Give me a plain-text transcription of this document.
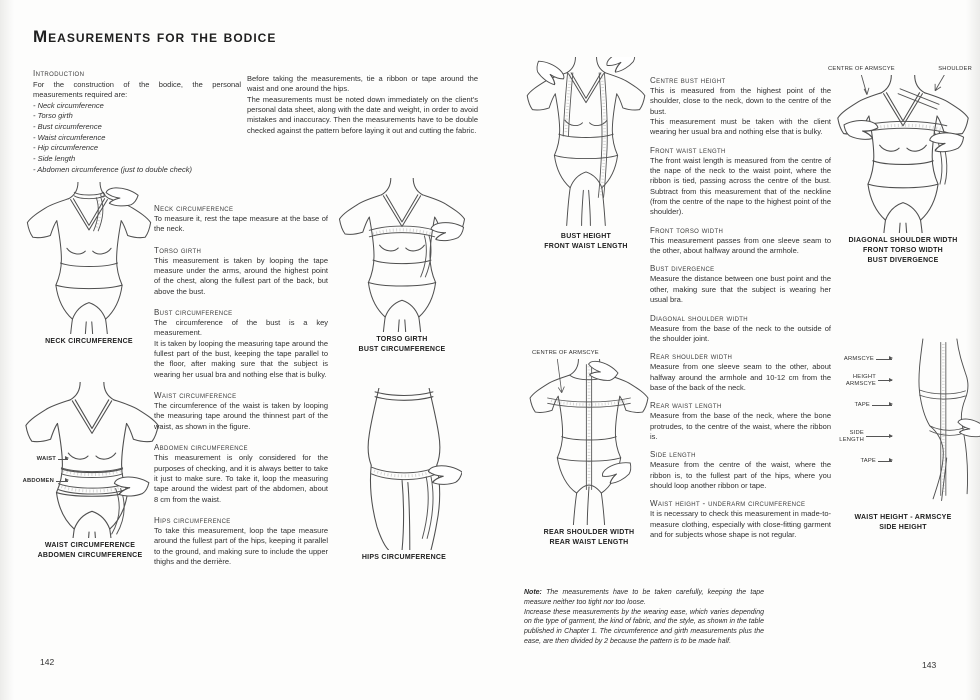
Measurements for the bodice
Introduction
For the construction of the bodice, the personal measurements required are:
- Neck circumference
- Torso girth
- Bust circumference
- Waist circumference
- Hip circumference
- Side length
- Abdomen circumference (just to double check)
Before taking the measurements, tie a ribbon or tape around the waist and one around the hips.
The measurements must be noted down immediately on the client's personal data sheet, along with the date and weight, in order to avoid mistakes and inaccuracy. Then the measurements have to be double checked against the pattern before laying it out and cutting the fabric.
NECK CIRCUMFERENCE
Neck circumference
To measure it, rest the tape measure at the base of the neck.
Torso girth
This measurement is taken by looping the tape measure under the arms, around the highest point of the chest, along the fullest part of the back, but above the bust.
Bust circumference
The circumference of the bust is a key measurement.
It is taken by looping the measuring tape around the fullest part of the bust, keeping the tape parallel to the floor, after making sure that the subject is wearing her usual bra and nothing else that is bulky.
Waist circumference
The circumference of the waist is taken by looping the measuring tape around the thinnest part of the waist, as shown in the figure.
Abdomen circumference
This measurement is only considered for the purposes of checking, and it is always better to take it just to make sure. To take it, loop the measuring tape around the widest part of the abdomen, about 8 cm from the waist.
Hips circumference
To take this measurement, loop the tape measure around the fullest part of the hips, keeping it parallel to the ground, and making sure to include the upper thighs and the derrière.
TORSO GIRTH
BUST CIRCUMFERENCE
WAIST
ABDOMEN
WAIST CIRCUMFERENCE
ABDOMEN CIRCUMFERENCE	HIPS CIRCUMFERENCE
142
BUST HEIGHT
FRONT WAIST LENGTH
Centre bust height
This is measured from the highest point of the shoulder, close to the neck, down to the centre of the bust.
This measurement must be taken with the client wearing her usual bra and nothing else that is bulky.
Front waist length
The front waist length is measured from the centre of the nape of the neck to the waist point, where the ribbon is tied, passing across the centre of the bust. Subtract from this measurement that of the neckline (from the centre of the nape to the highest point of the shoulder).
Front torso width
This measurement passes from one sleeve seam to the other, about halfway around the armhole.
Bust divergence
Measure the distance between one bust point and the other, making sure that the subject is wearing her usual bra.
Diagonal shoulder width
Measure from the base of the neck to the outside of the shoulder joint.
Rear shoulder width
Measure from one sleeve seam to the other, about halfway around the armhole and 10-12 cm from the base of the back of the neck.
Rear waist length
Measure from the base of the neck, where the bone protrudes, to the centre of the waist, where the ribbon is.
Side length
Measure from the centre of the waist, where the ribbon is, to the fullest part of the hips, where you should loop another ribbon or tape.
Waist height - underarm circumference
It is necessary to check this measurement in made-to-measure clothing, especially with close-fitting garment and for subjects whose shape is not regular.
CENTRE OF ARMSCYE	SHOULDER
DIAGONAL SHOULDER WIDTH
FRONT TORSO WIDTH
BUST DIVERGENCE
CENTRE OF ARMSCYE
REAR SHOULDER WIDTH
REAR WAIST LENGTH
ARMSCYE
HEIGHT
ARMSCYE
TAPE
SIDE
LENGTH
TAPE
WAIST HEIGHT - ARMSCYE
SIDE HEIGHT
Note: The measurements have to be taken carefully, keeping the tape measure neither too tight nor too loose.
Increase these measurements by the wearing ease, which varies depending on the type of garment, the kind of fabric, and the style, as shown in the table published in Chapter 1. The circumference and girth measurements plus the ease, are then divided by 2 because the pattern is to be made half.
143
